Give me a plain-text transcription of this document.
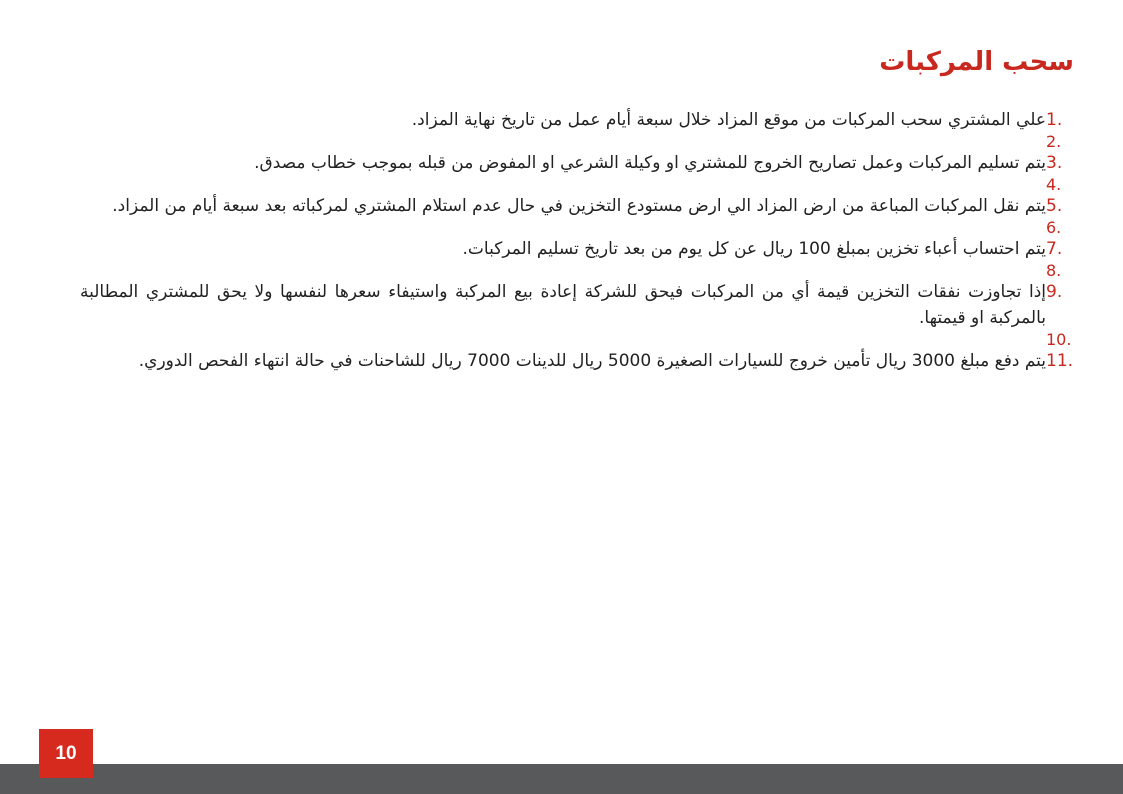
سحب المركبات
1.
علي المشتري سحب المركبات من موقع المزاد خلال سبعة أيام عمل من تاريخ نهاية المزاد.
2.
3.
يتم تسليم المركبات وعمل تصاريح الخروج للمشتري او وكيلة الشرعي او المفوض من قبله بموجب خطاب مصدق.
4.
5.
يتم نقل المركبات المباعة من ارض المزاد الي ارض مستودع التخزين في حال عدم استلام المشتري لمركباته بعد سبعة أيام من المزاد.
6.
7.
يتم احتساب أعباء تخزين بمبلغ 100 ريال عن كل يوم من بعد تاريخ تسليم المركبات.
8.
9.
إذا تجاوزت نفقات التخزين قيمة أي من المركبات فيحق للشركة إعادة بيع المركبة واستيفاء سعرها لنفسها ولا يحق للمشتري المطالبة بالمركبة او قيمتها.
10.
11.
يتم دفع مبلغ 3000 ريال تأمين خروج للسيارات الصغيرة 5000 ريال للدينات 7000 ريال للشاحنات في حالة انتهاء الفحص الدوري.
10
